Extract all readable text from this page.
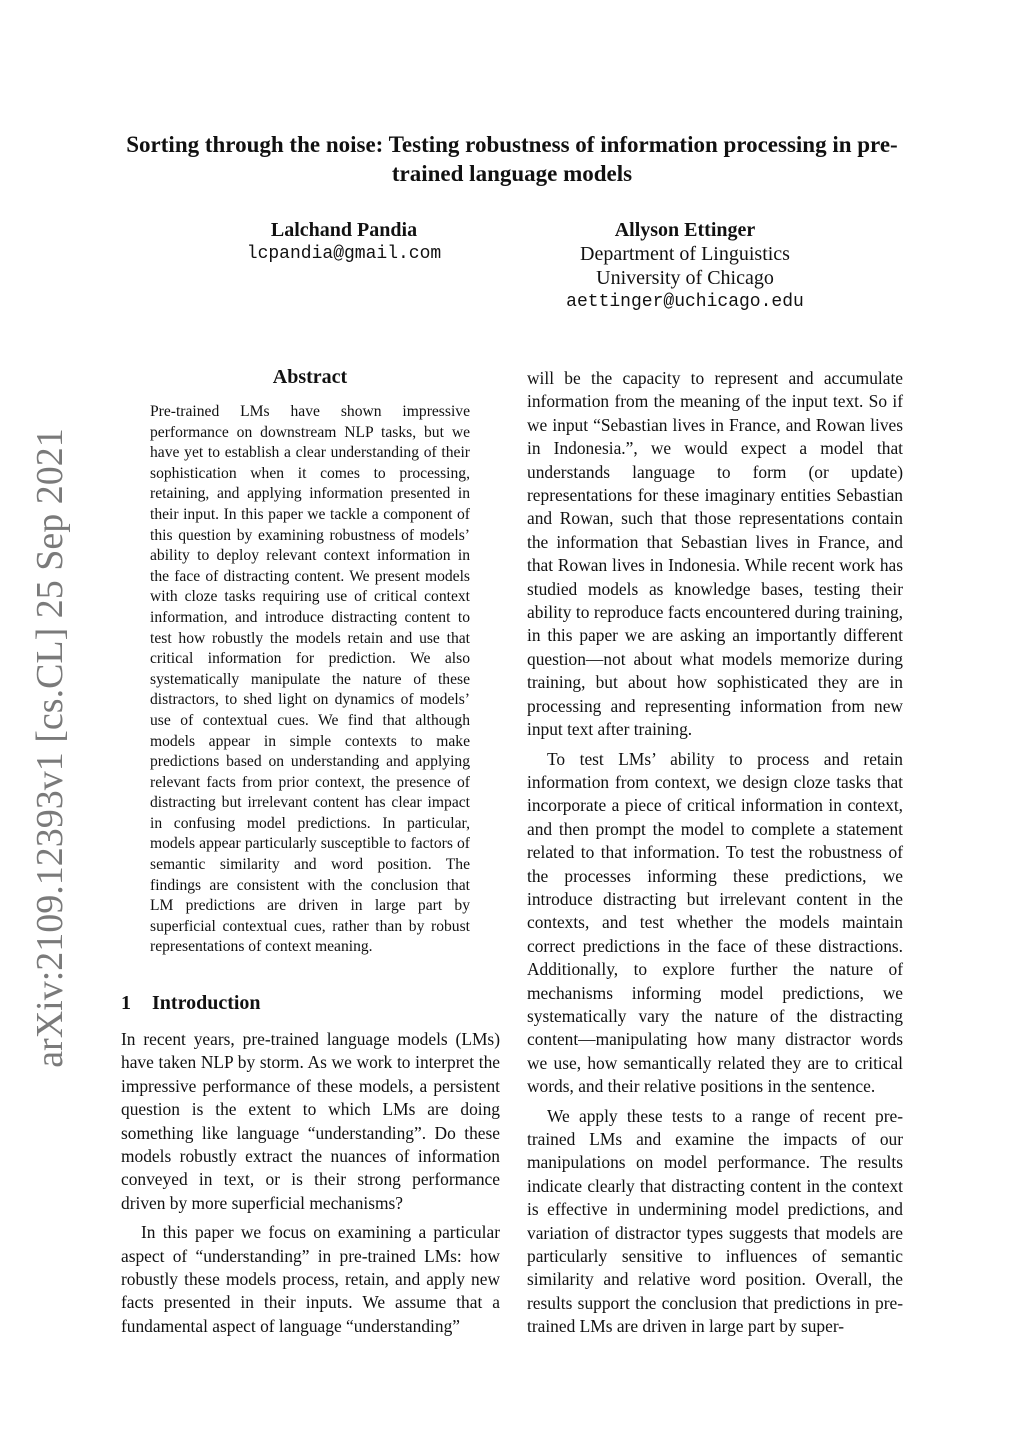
arXiv:2109.12393v1 [cs.CL] 25 Sep 2021
Sorting through the noise: Testing robustness of information processing in pre-trained language models
Lalchand Pandia
lcpandia@gmail.com
Allyson Ettinger
Department of Linguistics
University of Chicago
aettinger@uchicago.edu
Abstract

Pre-trained LMs have shown impressive performance on downstream NLP tasks, but we have yet to establish a clear understanding of their sophistication when it comes to processing, retaining, and applying information presented in their input. In this paper we tackle a component of this question by examining robustness of models’ ability to deploy relevant context information in the face of distracting content. We present models with cloze tasks requiring use of critical context information, and introduce distracting content to test how robustly the models retain and use that critical information for prediction. We also systematically manipulate the nature of these distractors, to shed light on dynamics of models’ use of contextual cues. We find that although models appear in simple contexts to make predictions based on understanding and applying relevant facts from prior context, the presence of distracting but irrelevant content has clear impact in confusing model predictions. In particular, models appear particularly susceptible to factors of semantic similarity and word position. The findings are consistent with the conclusion that LM predictions are driven in large part by superficial contextual cues, rather than by robust representations of context meaning.

1 Introduction

In recent years, pre-trained language models (LMs) have taken NLP by storm. As we work to interpret the impressive performance of these models, a persistent question is the extent to which LMs are doing something like language “understanding”. Do these models robustly extract the nuances of information conveyed in text, or is their strong performance driven by more superficial mechanisms?

In this paper we focus on examining a particular aspect of “understanding” in pre-trained LMs: how robustly these models process, retain, and apply new facts presented in their inputs. We assume that a fundamental aspect of language “understanding”

will be the capacity to represent and accumulate information from the meaning of the input text. So if we input “Sebastian lives in France, and Rowan lives in Indonesia.”, we would expect a model that understands language to form (or update) representations for these imaginary entities Sebastian and Rowan, such that those representations contain the information that Sebastian lives in France, and that Rowan lives in Indonesia. While recent work has studied models as knowledge bases, testing their ability to reproduce facts encountered during training, in this paper we are asking an importantly different question—not about what models memorize during training, but about how sophisticated they are in processing and representing information from new input text after training.

To test LMs’ ability to process and retain information from context, we design cloze tasks that incorporate a piece of critical information in context, and then prompt the model to complete a statement related to that information. To test the robustness of the processes informing these predictions, we introduce distracting but irrelevant content in the contexts, and test whether the models maintain correct predictions in the face of these distractions. Additionally, to explore further the nature of mechanisms informing model predictions, we systematically vary the nature of the distracting content—manipulating how many distractor words we use, how semantically related they are to critical words, and their relative positions in the sentence.

We apply these tests to a range of recent pre-trained LMs and examine the impacts of our manipulations on model performance. The results indicate clearly that distracting content in the context is effective in undermining model predictions, and variation of distractor types suggests that models are particularly sensitive to influences of semantic similarity and relative word position. Overall, the results support the conclusion that predictions in pre-trained LMs are driven in large part by super-
